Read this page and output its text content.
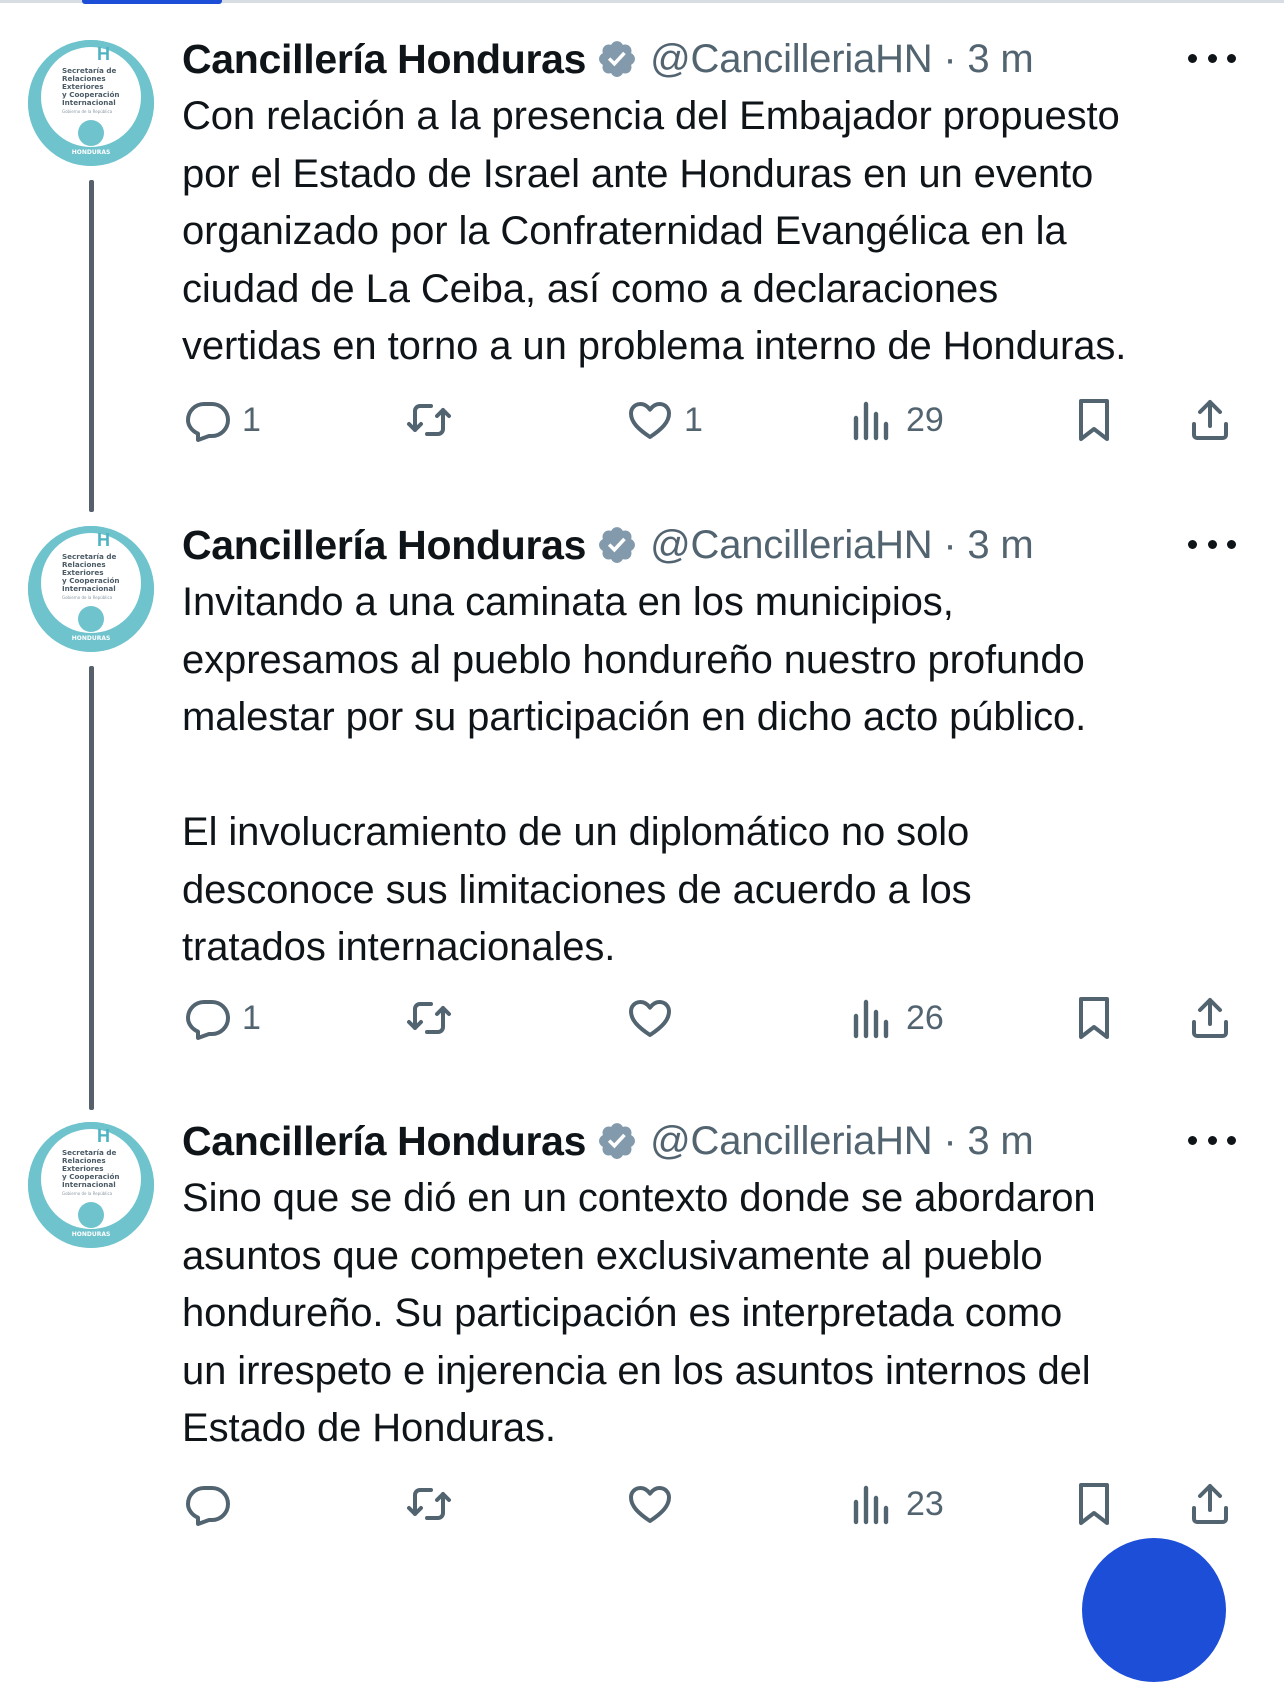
H
Secretaría de
Relaciones
Exteriores
y Cooperación
Internacional
Gobierno de la República
HONDURAS
Cancillería Honduras @CancilleriaHN · 3 m
Con relación a la presencia del Embajador propuesto
por el Estado de Israel ante Honduras en un evento
organizado por la Confraternidad Evangélica en la
ciudad de La Ceiba, así como a declaraciones
vertidas en torno a un problema interno de Honduras.
1	1	29
H
Secretaría de
Relaciones
Exteriores
y Cooperación
Internacional
Gobierno de la República
HONDURAS
Cancillería Honduras @CancilleriaHN · 3 m
Invitando a una caminata en los municipios,
expresamos al pueblo hondureño nuestro profundo
malestar por su participación en dicho acto público.

El involucramiento de un diplomático no solo
desconoce sus limitaciones de acuerdo a los
tratados internacionales.
1	26
H
Secretaría de
Relaciones
Exteriores
y Cooperación
Internacional
Gobierno de la República
HONDURAS
Cancillería Honduras @CancilleriaHN · 3 m
Sino que se dió en un contexto donde se abordaron
asuntos que competen exclusivamente al pueblo
hondureño. Su participación es interpretada como
un irrespeto e injerencia en los asuntos internos del
Estado de Honduras.
23
